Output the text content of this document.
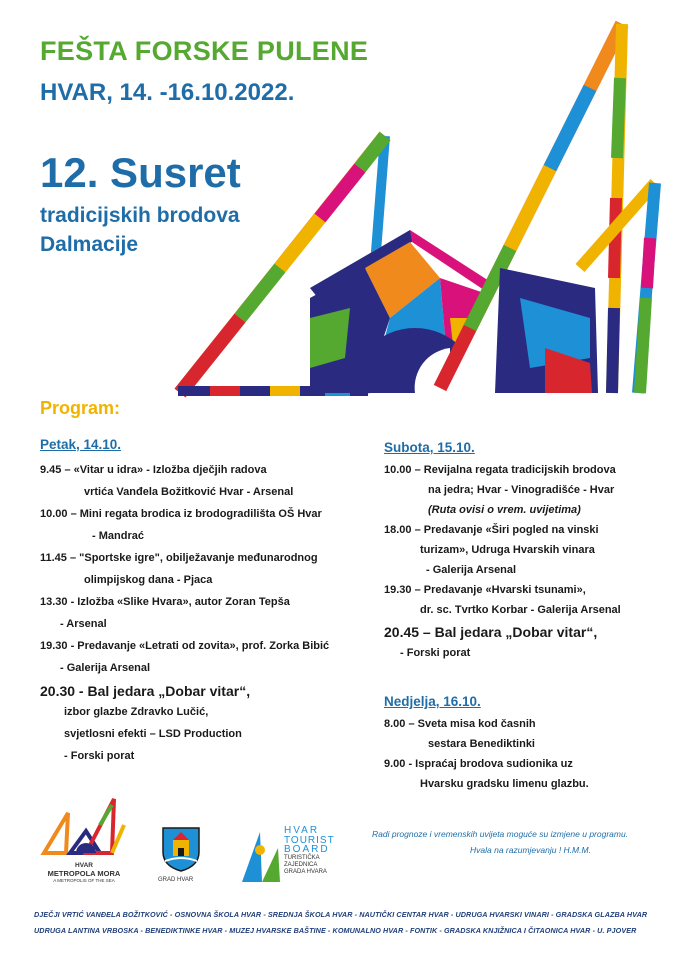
FEŠTA FORSKE PULENE
HVAR, 14. -16.10.2022.
12. Susret
tradicijskih brodova
Dalmacije
Program:
Petak, 14.10.
9.45 – «Vitar u idra» - Izložba dječjih radova
vrtića Vanđela Božitković Hvar - Arsenal
10.00 – Mini regata brodica iz brodogradilišta OŠ Hvar
- Mandrać
11.45 – "Sportske igre", obilježavanje međunarodnog
olimpijskog dana - Pjaca
13.30 - Izložba «Slike Hvara», autor Zoran Tepša
- Arsenal
19.30 - Predavanje «Letrati od zovita», prof. Zorka Bibić
- Galerija Arsenal
20.30 - Bal jedara „Dobar vitar“,
izbor glazbe Zdravko Lučić,
svjetlosni efekti – LSD Production
- Forski porat
Subota, 15.10.
10.00 – Revijalna regata tradicijskih brodova
na jedra; Hvar - Vinogradišće - Hvar
(Ruta ovisi o vrem. uvijetima)
18.00 – Predavanje «Širi pogled na vinski
turizam», Udruga Hvarskih vinara
- Galerija Arsenal
19.30 – Predavanje «Hvarski tsunami»,
dr. sc. Tvrtko Korbar - Galerija Arsenal
20.45 – Bal jedara „Dobar vitar“,
- Forski porat
Nedjelja, 16.10.
8.00 – Sveta misa kod časnih
sestara Benediktinki
9.00 - Ispraćaj brodova sudionika uz
Hvarsku gradsku limenu glazbu.
Radi prognoze i vremenskih uvijeta moguće su izmjene u programu.
Hvala na razumjevanju ! H.M.M.
HVAR
METROPOLA MORA
A METROPOLIS OF THE SEA	GRAD HVAR
HVAR
TOURIST
BOARD
TURISTIČKA
ZAJEDNICA
GRADA HVARA
DJEČJI VRTIĆ VANĐELA BOŽITKOVIĆ - OSNOVNA ŠKOLA HVAR - SREDNJA ŠKOLA HVAR - NAUTIČKI CENTAR HVAR - UDRUGA HVARSKI VINARI - GRADSKA GLAZBA HVAR
UDRUGA LANTINA VRBOSKA - BENEDIKTINKE HVAR - MUZEJ HVARSKE BAŠTINE - KOMUNALNO HVAR - FONTIK - GRADSKA KNJIŽNICA I ČITAONICA HVAR - U. PJOVER
